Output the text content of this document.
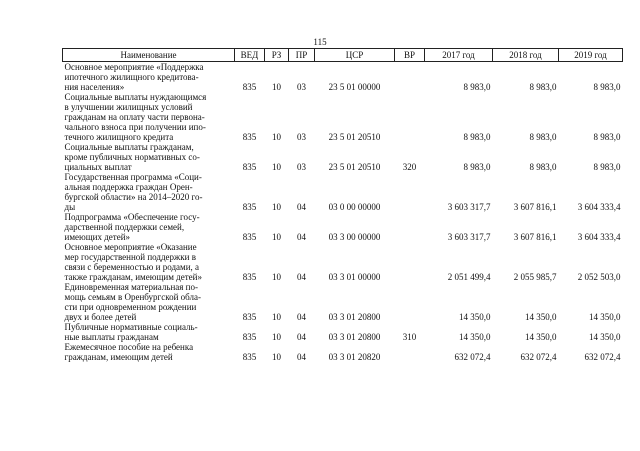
115
Наименование	ВЕД	РЗ	ПР	ЦСР	ВР	2017 год	2018 год	2019 год

Основное мероприятие «Поддержка
ипотечного жилищного кредитова-
ния населения»	835	10	03	23 5 01 00000		8 983,0	8 983,0	8 983,0

Социальные выплаты нуждающимся
в улучшении жилищных условий
гражданам на оплату части первона-
чального взноса при получении ипо-
течного жилищного кредита	835	10	03	23 5 01 20510		8 983,0	8 983,0	8 983,0

Социальные выплаты гражданам,
кроме публичных нормативных со-
циальных выплат	835	10	03	23 5 01 20510	320	8 983,0	8 983,0	8 983,0

Государственная программа «Соци-
альная поддержка граждан Орен-
бургской области» на 2014–2020 го-
ды	835	10	04	03 0 00 00000		3 603 317,7	3 607 816,1	3 604 333,4

Подпрограмма «Обеспечение госу-
дарственной поддержки семей,
имеющих детей»	835	10	04	03 3 00 00000		3 603 317,7	3 607 816,1	3 604 333,4

Основное мероприятие «Оказание
мер государственной поддержки в
связи с беременностью и родами, а
также гражданам, имеющим детей»	835	10	04	03 3 01 00000		2 051 499,4	2 055 985,7	2 052 503,0

Единовременная материальная по-
мощь семьям в Оренбургской обла-
сти при одновременном рождении
двух и более детей	835	10	04	03 3 01 20800		14 350,0	14 350,0	14 350,0

Публичные нормативные социаль-
ные выплаты гражданам	835	10	04	03 3 01 20800	310	14 350,0	14 350,0	14 350,0

Ежемесячное пособие на ребенка
гражданам, имеющим детей	835	10	04	03 3 01 20820		632 072,4	632 072,4	632 072,4
